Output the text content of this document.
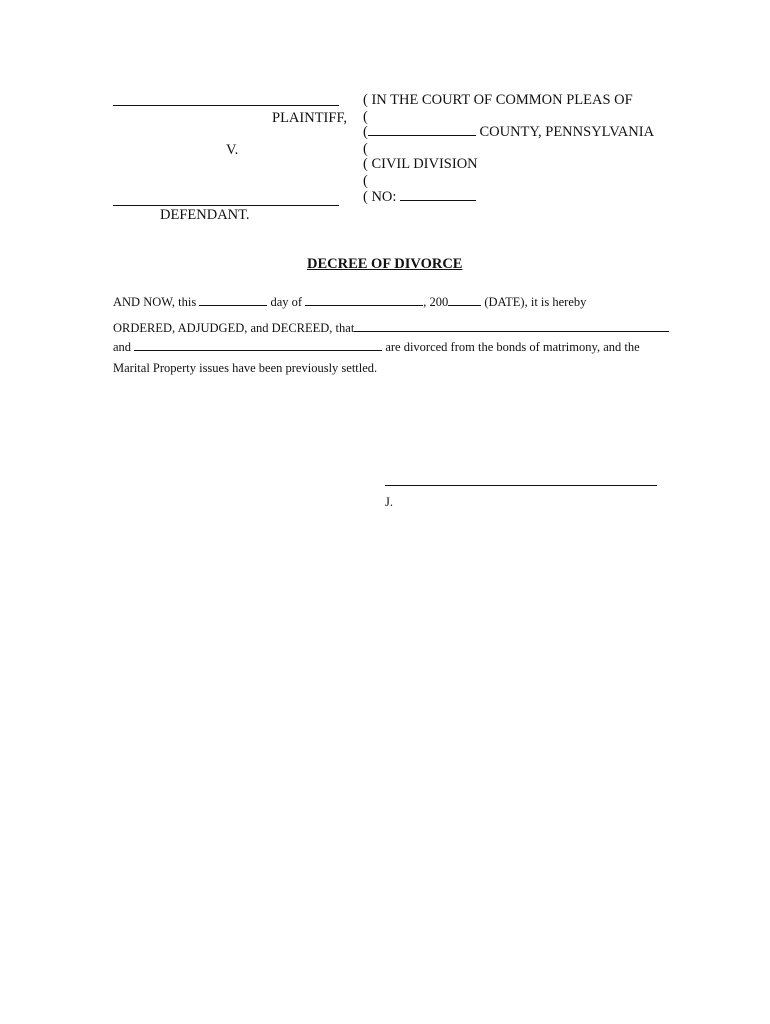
PLAINTIFF,
V.
DEFENDANT.
( IN THE COURT OF COMMON PLEAS OF
(
(	COUNTY, PENNSYLVANIA
(
( CIVIL DIVISION
(
( NO:
DECREE OF DIVORCE
AND NOW, this	day of	, 200	(DATE), it is hereby
ORDERED, ADJUDGED, and DECREED, that
and	are divorced from the bonds of matrimony, and the
Marital Property issues have been previously settled.
J.
